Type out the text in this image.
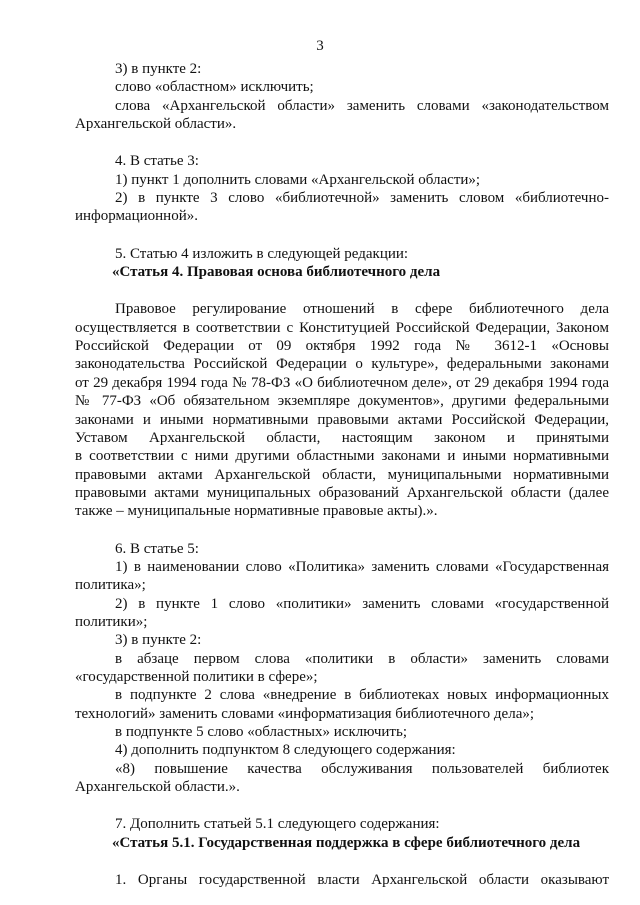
3
3) в пункте 2:
слово «областном» исключить;
слова «Архангельской области» заменить словами «законодательством
Архангельской области».
4. В статье 3:
1) пункт 1 дополнить словами «Архангельской области»;
2) в пункте 3 слово «библиотечной» заменить словом «библиотечно-
информационной».
5. Статью 4 изложить в следующей редакции:
«Статья 4. Правовая основа библиотечного дела
Правовое регулирование отношений в сфере библиотечного дела
осуществляется в соответствии с Конституцией Российской Федерации, Законом
Российской Федерации от 09 октября 1992 года № 3612-1 «Основы
законодательства Российской Федерации о культуре», федеральными законами
от 29 декабря 1994 года № 78-ФЗ «О библиотечном деле», от 29 декабря 1994 года
№ 77-ФЗ «Об обязательном экземпляре документов», другими федеральными
законами и иными нормативными правовыми актами Российской Федерации,
Уставом Архангельской области, настоящим законом и принятыми
в соответствии с ними другими областными законами и иными нормативными
правовыми актами Архангельской области, муниципальными нормативными
правовыми актами муниципальных образований Архангельской области (далее
также – муниципальные нормативные правовые акты).».
6. В статье 5:
1) в наименовании слово «Политика» заменить словами «Государственная
политика»;
2) в пункте 1 слово «политики» заменить словами «государственной
политики»;
3) в пункте 2:
в абзаце первом слова «политики в области» заменить словами
«государственной политики в сфере»;
в подпункте 2 слова «внедрение в библиотеках новых информационных
технологий» заменить словами «информатизация библиотечного дела»;
в подпункте 5 слово «областных» исключить;
4) дополнить подпунктом 8 следующего содержания:
«8) повышение качества обслуживания пользователей библиотек
Архангельской области.».
7. Дополнить статьей 5.1 следующего содержания:
«Статья 5.1. Государственная поддержка в сфере библиотечного дела
1. Органы государственной власти Архангельской области оказывают
